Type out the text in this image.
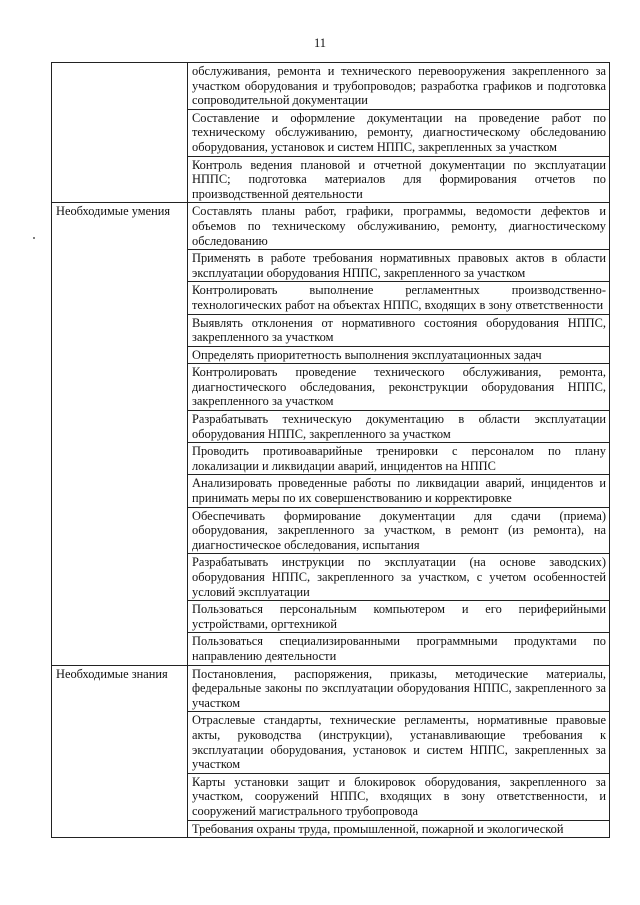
11
	обслуживания, ремонта и технического перевооружения закрепленного за участком оборудования и трубопроводов; разработка графиков и подготовка сопроводительной документации
	Составление и оформление документации на проведение работ по техническому обслуживанию, ремонту, диагностическому обследованию оборудования, установок и систем НППС, закрепленных за участком
	Контроль ведения плановой и отчетной документации по эксплуатации НППС; подготовка материалов для формирования отчетов по производственной деятельности
Необходимые умения	Составлять планы работ, графики, программы, ведомости дефектов и объемов по техническому обслуживанию, ремонту, диагностическому обследованию
	Применять в работе требования нормативных правовых актов в области эксплуатации оборудования НППС, закрепленного за участком
	Контролировать выполнение регламентных производственно-технологических работ на объектах НППС, входящих в зону ответственности
	Выявлять отклонения от нормативного состояния оборудования НППС, закрепленного за участком
	Определять приоритетность выполнения эксплуатационных задач
	Контролировать проведение технического обслуживания, ремонта, диагностического обследования, реконструкции оборудования НППС, закрепленного за участком
	Разрабатывать техническую документацию в области эксплуатации оборудования НППС, закрепленного за участком
	Проводить противоаварийные тренировки с персоналом по плану локализации и ликвидации аварий, инцидентов на НППС
	Анализировать проведенные работы по ликвидации аварий, инцидентов и принимать меры по их совершенствованию и корректировке
	Обеспечивать формирование документации для сдачи (приема) оборудования, закрепленного за участком, в ремонт (из ремонта), на диагностическое обследования, испытания
	Разрабатывать инструкции по эксплуатации (на основе заводских) оборудования НППС, закрепленного за участком, с учетом особенностей условий эксплуатации
	Пользоваться персональным компьютером и его периферийными устройствами, оргтехникой
	Пользоваться специализированными программными продуктами по направлению деятельности
Необходимые знания	Постановления, распоряжения, приказы, методические материалы, федеральные законы по эксплуатации оборудования НППС, закрепленного за участком
	Отраслевые стандарты, технические регламенты, нормативные правовые акты, руководства (инструкции), устанавливающие требования к эксплуатации оборудования, установок и систем НППС, закрепленных за участком
	Карты установки защит и блокировок оборудования, закрепленного за участком, сооружений НППС, входящих в зону ответственности, и сооружений магистрального трубопровода
	Требования охраны труда, промышленной, пожарной и экологической
